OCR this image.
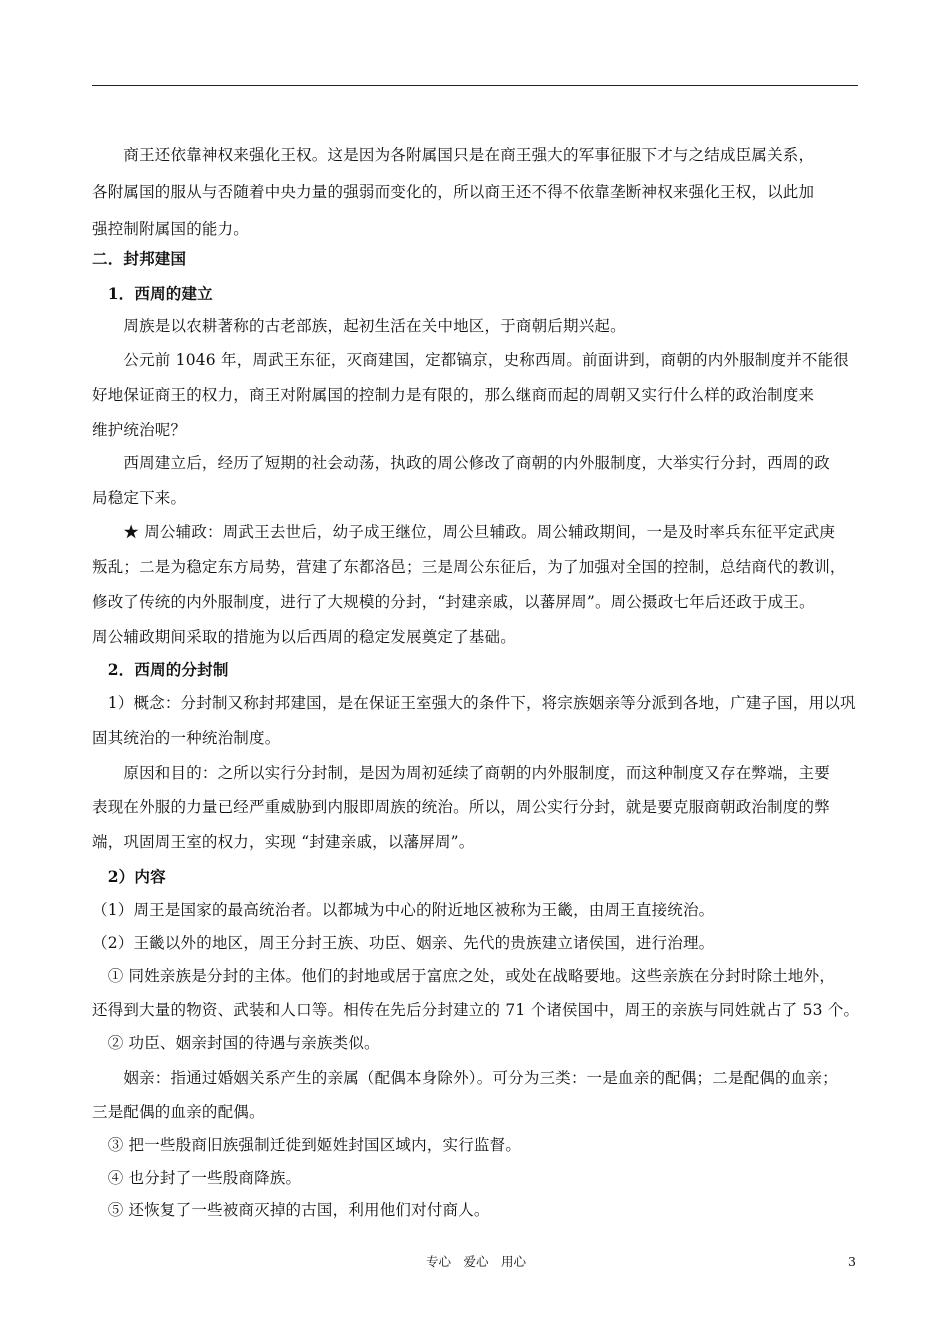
　　商王还依靠神权来强化王权。这是因为各附属国只是在商王强大的军事征服下才与之结成臣属关系，
各附属国的服从与否随着中央力量的强弱而变化的，所以商王还不得不依靠垄断神权来强化王权，以此加
强控制附属国的能力。
二．封邦建国
　1．西周的建立
　　周族是以农耕著称的古老部族，起初生活在关中地区，于商朝后期兴起。
　　公元前 1046 年，周武王东征，灭商建国，定都镐京，史称西周。前面讲到，商朝的内外服制度并不能很
好地保证商王的权力，商王对附属国的控制力是有限的，那么继商而起的周朝又实行什么样的政治制度来
维护统治呢？
　　西周建立后，经历了短期的社会动荡，执政的周公修改了商朝的内外服制度，大举实行分封，西周的政
局稳定下来。
　　★ 周公辅政：周武王去世后，幼子成王继位，周公旦辅政。周公辅政期间，一是及时率兵东征平定武庚
叛乱；二是为稳定东方局势，营建了东都洛邑；三是周公东征后，为了加强对全国的控制，总结商代的教训，
修改了传统的内外服制度，进行了大规模的分封，“封建亲戚，以蕃屏周”。周公摄政七年后还政于成王。
周公辅政期间采取的措施为以后西周的稳定发展奠定了基础。
　2．西周的分封制
　1）概念：分封制又称封邦建国，是在保证王室强大的条件下，将宗族姻亲等分派到各地，广建子国，用以巩
固其统治的一种统治制度。
　　原因和目的：之所以实行分封制，是因为周初延续了商朝的内外服制度，而这种制度又存在弊端，主要
表现在外服的力量已经严重威胁到内服即周族的统治。所以，周公实行分封，就是要克服商朝政治制度的弊
端，巩固周王室的权力，实现 “封建亲戚，以藩屏周”。
　2）内容
（1）周王是国家的最高统治者。以都城为中心的附近地区被称为王畿，由周王直接统治。
（2）王畿以外的地区，周王分封王族、功臣、姻亲、先代的贵族建立诸侯国，进行治理。
　① 同姓亲族是分封的主体。他们的封地或居于富庶之处，或处在战略要地。这些亲族在分封时除土地外，
还得到大量的物资、武装和人口等。相传在先后分封建立的 71 个诸侯国中，周王的亲族与同姓就占了 53 个。
　② 功臣、姻亲封国的待遇与亲族类似。
　　姻亲：指通过婚姻关系产生的亲属（配偶本身除外）。可分为三类：一是血亲的配偶；二是配偶的血亲；
三是配偶的血亲的配偶。
　③ 把一些殷商旧族强制迁徙到姬姓封国区域内，实行监督。
　④ 也分封了一些殷商降族。
　⑤ 还恢复了一些被商灭掉的古国，利用他们对付商人。
专心　爱心　用心	3
